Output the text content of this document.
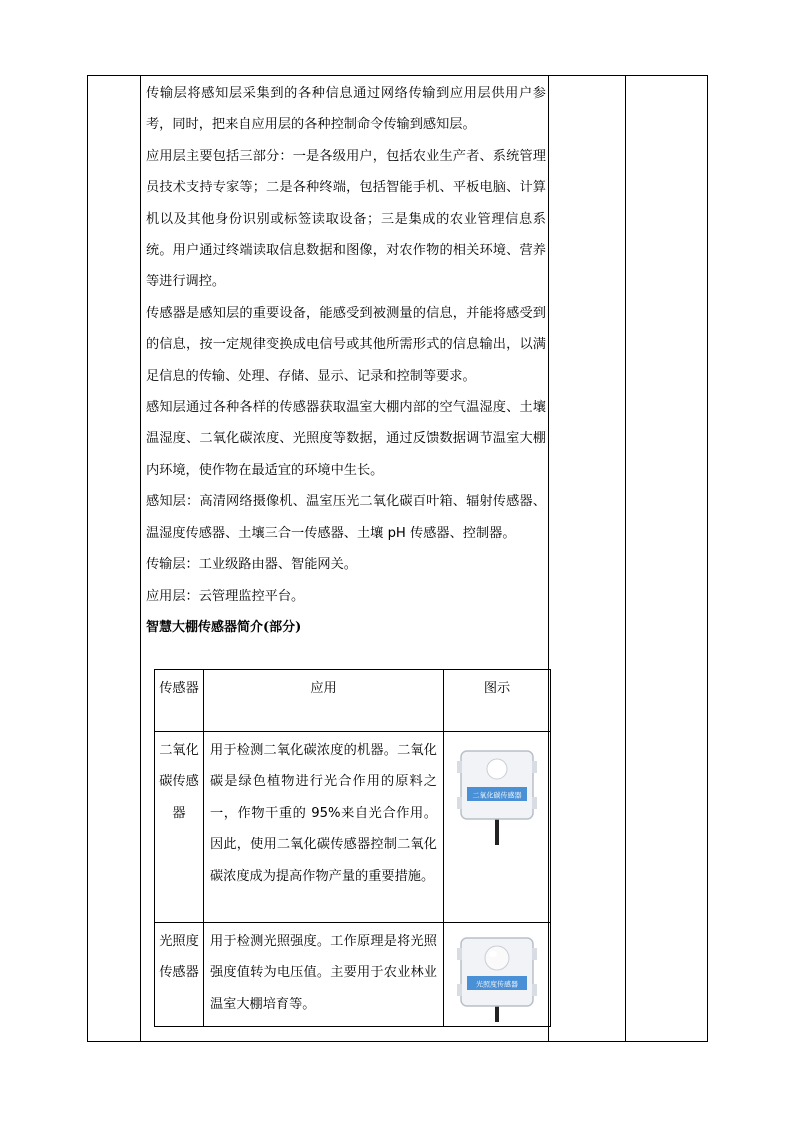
传输层将感知层采集到的各种信息通过网络传输到应用层供用户参考，同时，把来自应用层的各种控制命令传输到感知层。

应用层主要包括三部分：一是各级用户，包括农业生产者、系统管理员技术支持专家等；二是各种终端，包括智能手机、平板电脑、计算机以及其他身份识别或标签读取设备；三是集成的农业管理信息系统。用户通过终端读取信息数据和图像，对农作物的相关环境、营养等进行调控。

传感器是感知层的重要设备，能感受到被测量的信息，并能将感受到的信息，按一定规律变换成电信号或其他所需形式的信息输出，以满足信息的传输、处理、存储、显示、记录和控制等要求。

感知层通过各种各样的传感器获取温室大棚内部的空气温湿度、土壤温湿度、二氧化碳浓度、光照度等数据，通过反馈数据调节温室大棚内环境，使作物在最适宜的环境中生长。

感知层：高清网络摄像机、温室压光二氧化碳百叶箱、辐射传感器、温湿度传感器、土壤三合一传感器、土壤 pH 传感器、控制器。

传输层：工业级路由器、智能网关。

应用层：云管理监控平台。

智慧大棚传感器简介(部分)

传感器	应用	图示
二氧化碳传感器	用于检测二氧化碳浓度的机器。二氧化碳是绿色植物进行光合作用的原料之一，作物干重的 95%来自光合作用。因此，使用二氧化碳传感器控制二氧化碳浓度成为提高作物产量的重要措施。	二氧化碳传感器

光照度传感器	用于检测光照强度。工作原理是将光照强度值转为电压值。主要用于农业林业温室大棚培育等。	光照度传感器
